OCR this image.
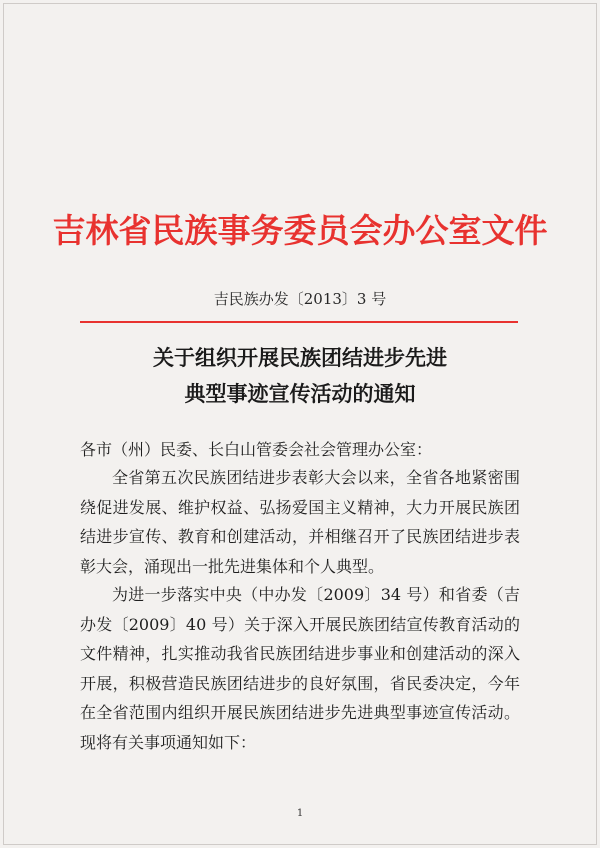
吉林省民族事务委员会办公室文件
吉民族办发〔2013〕3 号
关于组织开展民族团结进步先进
典型事迹宣传活动的通知
各市（州）民委、长白山管委会社会管理办公室：

全省第五次民族团结进步表彰大会以来，全省各地紧密围绕促进发展、维护权益、弘扬爱国主义精神，大力开展民族团结进步宣传、教育和创建活动，并相继召开了民族团结进步表彰大会，涌现出一批先进集体和个人典型。

为进一步落实中央（中办发〔2009〕34 号）和省委（吉办发〔2009〕40 号）关于深入开展民族团结宣传教育活动的文件精神，扎实推动我省民族团结进步事业和创建活动的深入开展，积极营造民族团结进步的良好氛围，省民委决定，今年在全省范围内组织开展民族团结进步先进典型事迹宣传活动。现将有关事项通知如下：

1
